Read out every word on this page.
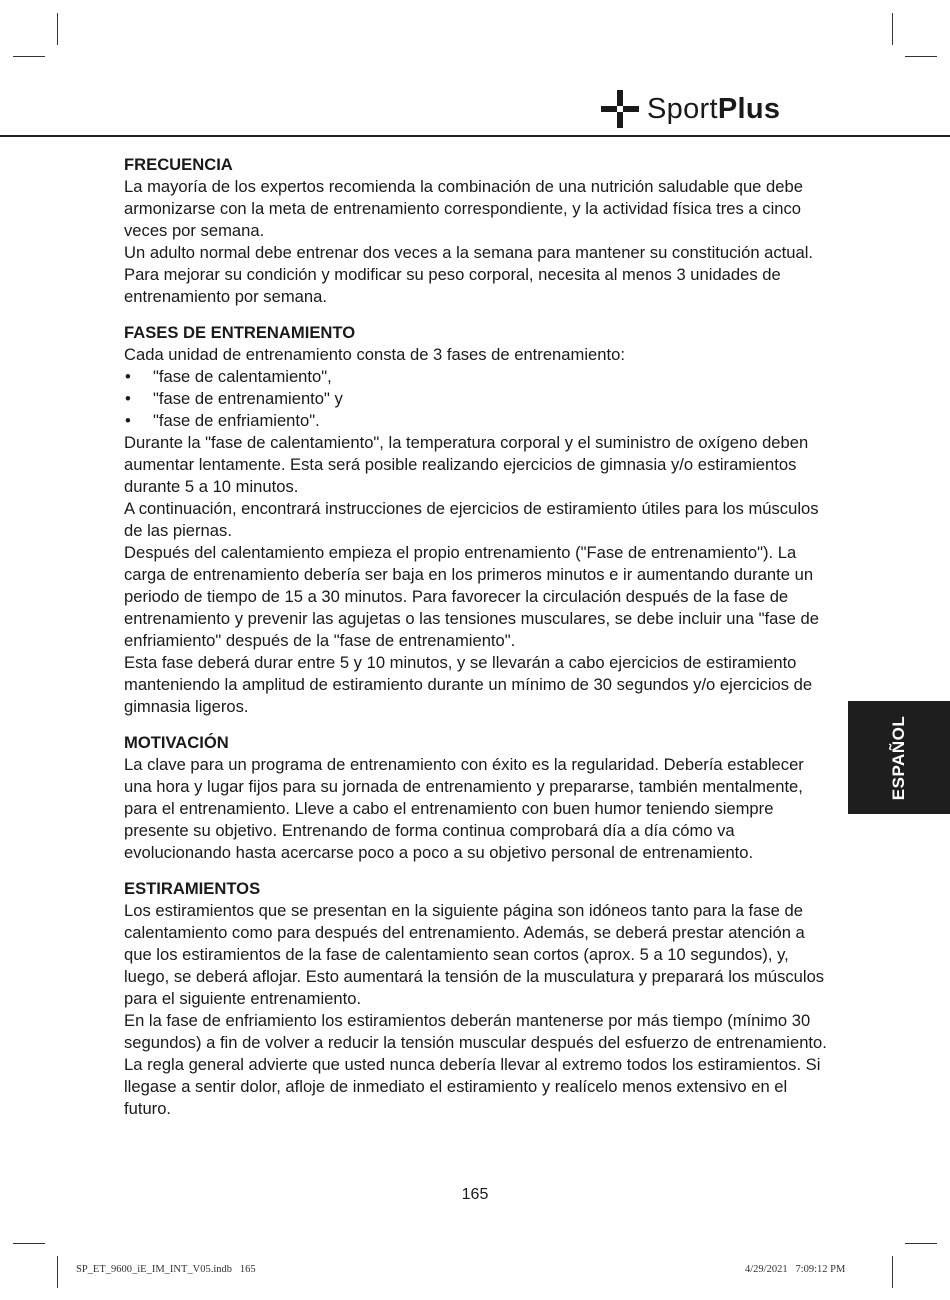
SportPlus
FRECUENCIA

La mayoría de los expertos recomienda la combinación de una nutrición saludable que debe armonizarse con la meta de entrenamiento correspondiente, y la actividad física tres a cinco veces por semana.

Un adulto normal debe entrenar dos veces a la semana para mantener su constitución actual. Para mejorar su condición y modificar su peso corporal, necesita al menos 3 unidades de entrenamiento por semana.

FASES DE ENTRENAMIENTO

Cada unidad de entrenamiento consta de 3 fases de entrenamiento:

• "fase de calentamiento",
• "fase de entrenamiento" y
• "fase de enfriamiento".

Durante la "fase de calentamiento", la temperatura corporal y el suministro de oxígeno deben aumentar lentamente. Esta será posible realizando ejercicios de gimnasia y/o estiramientos durante 5 a 10 minutos.

A continuación, encontrará instrucciones de ejercicios de estiramiento útiles para los músculos de las piernas.

Después del calentamiento empieza el propio entrenamiento ("Fase de entrenamiento"). La carga de entrenamiento debería ser baja en los primeros minutos e ir aumentando durante un periodo de tiempo de 15 a 30 minutos. Para favorecer la circulación después de la fase de entrenamiento y prevenir las agujetas o las tensiones musculares, se debe incluir una "fase de enfriamiento" después de la "fase de entrenamiento".

Esta fase deberá durar entre 5 y 10 minutos, y se llevarán a cabo ejercicios de estiramiento manteniendo la amplitud de estiramiento durante un mínimo de 30 segundos y/o ejercicios de gimnasia ligeros.

MOTIVACIÓN

La clave para un programa de entrenamiento con éxito es la regularidad. Debería establecer una hora y lugar fijos para su jornada de entrenamiento y prepararse, también mentalmente, para el entrenamiento. Lleve a cabo el entrenamiento con buen humor teniendo siempre presente su objetivo. Entrenando de forma continua comprobará día a día cómo va evolucionando hasta acercarse poco a poco a su objetivo personal de entrenamiento.

ESTIRAMIENTOS

Los estiramientos que se presentan en la siguiente página son idóneos tanto para la fase de calentamiento como para después del entrenamiento. Además, se deberá prestar atención a que los estiramientos de la fase de calentamiento sean cortos (aprox. 5 a 10 segundos), y, luego, se deberá aflojar. Esto aumentará la tensión de la musculatura y preparará los músculos para el siguiente entrenamiento.

En la fase de enfriamiento los estiramientos deberán mantenerse por más tiempo (mínimo 30 segundos) a fin de volver a reducir la tensión muscular después del esfuerzo de entrenamiento.

La regla general advierte que usted nunca debería llevar al extremo todos los estiramientos. Si llegase a sentir dolor, afloje de inmediato el estiramiento y realícelo menos extensivo en el futuro.

ESPAÑOL
165
SP_ET_9600_iE_IM_INT_V05.indb   165	4/29/2021   7:09:12 PM
